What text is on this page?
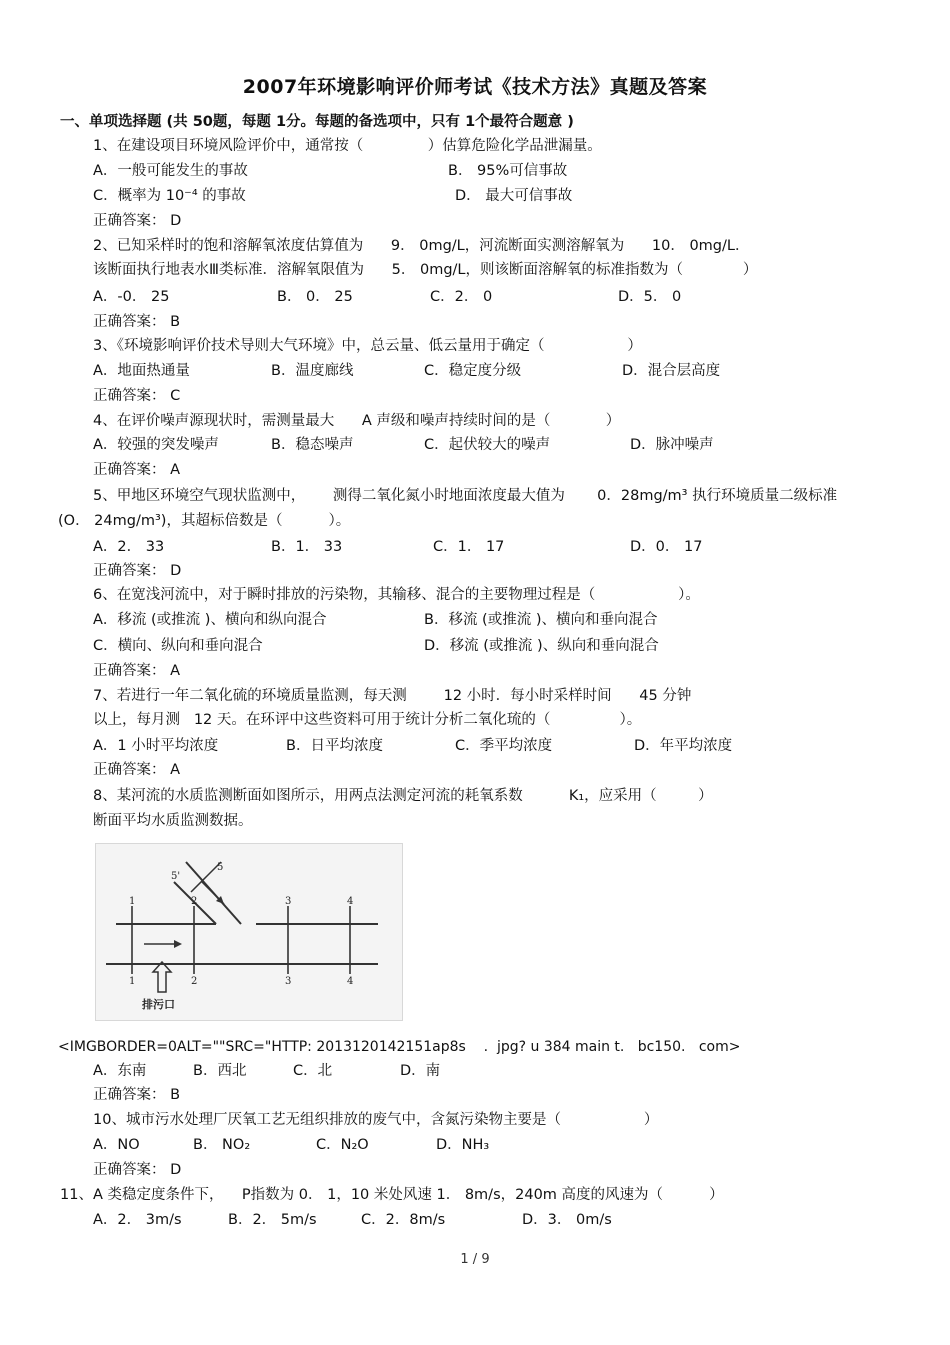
2007年环境影响评价师考试《技术方法》真题及答案
一、单项选择题 (共 50题，每题 1分。每题的备选项中，只有 1个最符合题意 )
1、在建设项目环境风险评价中，通常按（              ）估算危险化学品泄漏量。
A．一般可能发生的事故	B． 95%可信事故
C．概率为 10⁻⁴ 的事故	D． 最大可信事故
正确答案： D
2、已知采样时的饱和溶解氧浓度估算值为      9． 0mg/L，河流断面实测溶解氧为      10． 0mg/L．
该断面执行地表水Ⅲ类标准．溶解氧限值为      5． 0mg/L，则该断面溶解氧的标准指数为（             ）
A．-0． 25	B． 0． 25	C．2． 0	D．5． 0
正确答案： B
3、《环境影响评价技术导则大气环境》中，总云量、低云量用于确定（                  ）
A．地面热通量	B．温度廊线	C．稳定度分级	D．混合层高度
正确答案： C
4、在评价噪声源现状时，需测量最大      A 声级和噪声持续时间的是（            ）
A．较强的突发噪声	B．稳态噪声	C．起伏较大的噪声	D．脉冲噪声
正确答案： A
5、甲地区环境空气现状监测中，      测得二氧化氮小时地面浓度最大值为       0．28mg/m³ 执行环境质量二级标准
(O． 24mg/m³)，其超标倍数是（          ）。
A．2． 33	B．1． 33	C．1． 17	D．0． 17
正确答案： D
6、在宽浅河流中，对于瞬时排放的污染物，其输移、混合的主要物理过程是（                  ）。
A．移流 (或推流 )、横向和纵向混合	B．移流 (或推流 )、横向和垂向混合
C．横向、纵向和垂向混合	D．移流 (或推流 )、纵向和垂向混合
正确答案： A
7、若进行一年二氧化硫的环境质量监测，每天测        12 小时．每小时采样时间      45 分钟
以上，每月测   12 天。在环评中这些资料可用于统计分析二氧化琉的（               ）。
A．1 小时平均浓度	B．日平均浓度	C．季平均浓度	D．年平均浓度
正确答案： A
8、某河流的水质监测断面如图所示，用两点法测定河流的耗氧系数          K₁，应采用（         ）
断面平均水质监测数据。
1	2	3	4
1	2	3	4
5
5'
排污口
<IMGBORDER=0ALT=""SRC="HTTP: 2013120142151ap8s    .  jpg? u 384 main t.   bc150.   com>
A．东南	B．西北	C．北	D．南
正确答案： B
10、城市污水处理厂厌氧工艺无组织排放的废气中，含氮污染物主要是（                  ）
A．NO	B． NO₂	C．N₂O	D．NH₃
正确答案： D
11、A 类稳定度条件下，    P指数为 0． 1，10 米处风速 1． 8m/s，240m 高度的风速为（          ）
A．2． 3m/s	B．2． 5m/s	C．2．8m/s	D．3． 0m/s
1 / 9
